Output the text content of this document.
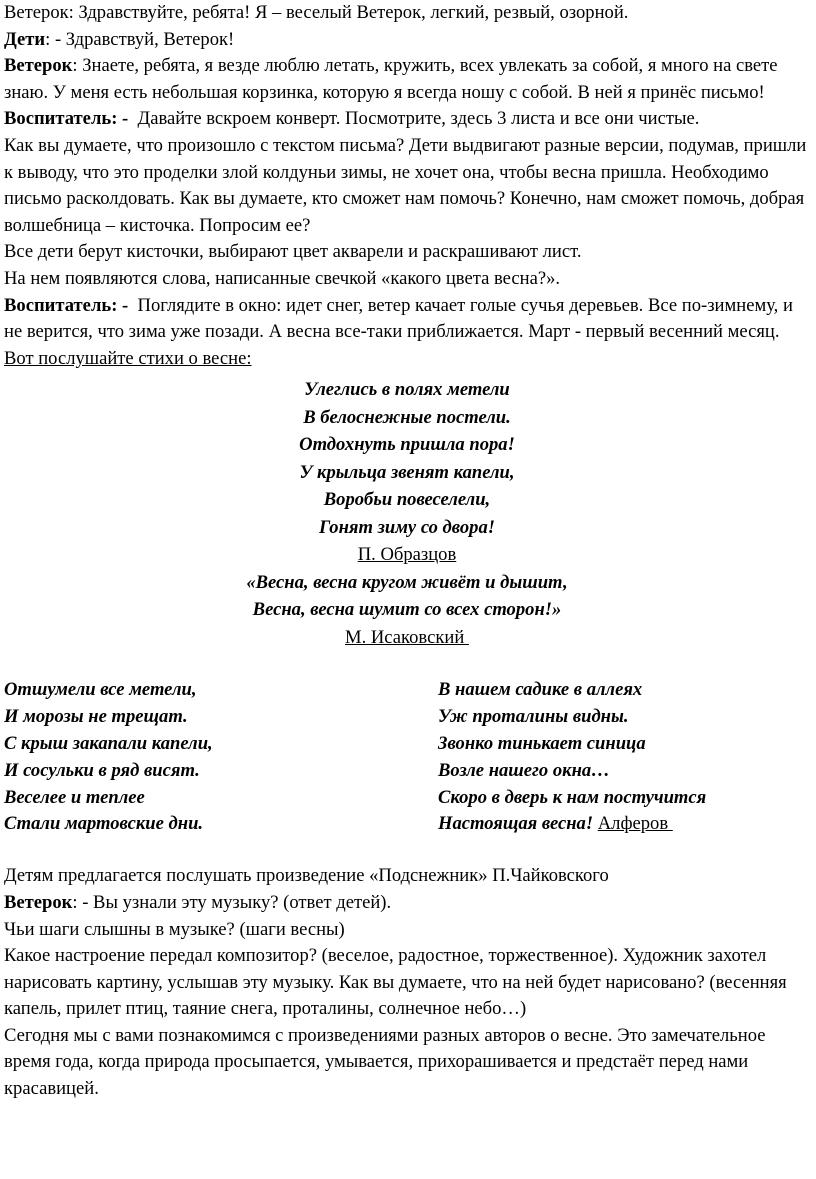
Ветерок: Здравствуйте, ребята! Я – веселый Ветерок, легкий, резвый, озорной.

Дети: - Здравствуй, Ветерок!

Ветерок: Знаете, ребята, я везде люблю летать, кружить, всех увлекать за собой, я много на свете знаю. У меня есть небольшая корзинка, которую я всегда ношу с собой. В ней я принёс письмо!

Воспитатель: -  Давайте вскроем конверт. Посмотрите, здесь 3 листа и все они чистые.

Как вы думаете, что произошло с текстом письма? Дети выдвигают разные версии, подумав, пришли к выводу, что это проделки злой колдуньи зимы, не хочет она, чтобы весна пришла. Необходимо письмо расколдовать. Как вы думаете, кто сможет нам помочь? Конечно, нам сможет помочь, добрая волшебница – кисточка. Попросим ее?

Все дети берут кисточки, выбирают цвет акварели и раскрашивают лист.

На нем появляются слова, написанные свечкой «какого цвета весна?».

Воспитатель: -  Поглядите в окно: идет снег, ветер качает голые сучья деревьев. Все по-зимнему, и не верится, что зима уже позади. А весна все-таки приближается. Март - первый весенний месяц.

Вот послушайте стихи о весне:

Улеглись в полях метели
В белоснежные постели.
Отдохнуть пришла пора!
У крыльца звенят капели,
Воробьи повеселели,
Гонят зиму со двора!
П. Образцов
«Весна, весна кругом живёт и дышит,
Весна, весна шумит со всех сторон!»
М. Исаковский
Отшумели все метели,
И морозы не трещат.
С крыш закапали капели,
И сосульки в ряд висят.
Веселее и теплее
Стали мартовские дни.
В нашем садике в аллеях
Уж проталины видны.
Звонко тинькает синица
Возле нашего окна…
Скоро в дверь к нам постучится
Настоящая весна! Алферов

Детям предлагается послушать произведение «Подснежник» П.Чайковского

Ветерок: - Вы узнали эту музыку? (ответ детей).

Чьи шаги слышны в музыке? (шаги весны)

Какое настроение передал композитор? (веселое, радостное, торжественное). Художник захотел нарисовать картину, услышав эту музыку. Как вы думаете, что на ней будет нарисовано? (весенняя капель, прилет птиц, таяние снега, проталины, солнечное небо…)

Сегодня мы с вами познакомимся с произведениями разных авторов о весне. Это замечательное время года, когда природа просыпается, умывается, прихорашивается и предстаёт перед нами красавицей.
